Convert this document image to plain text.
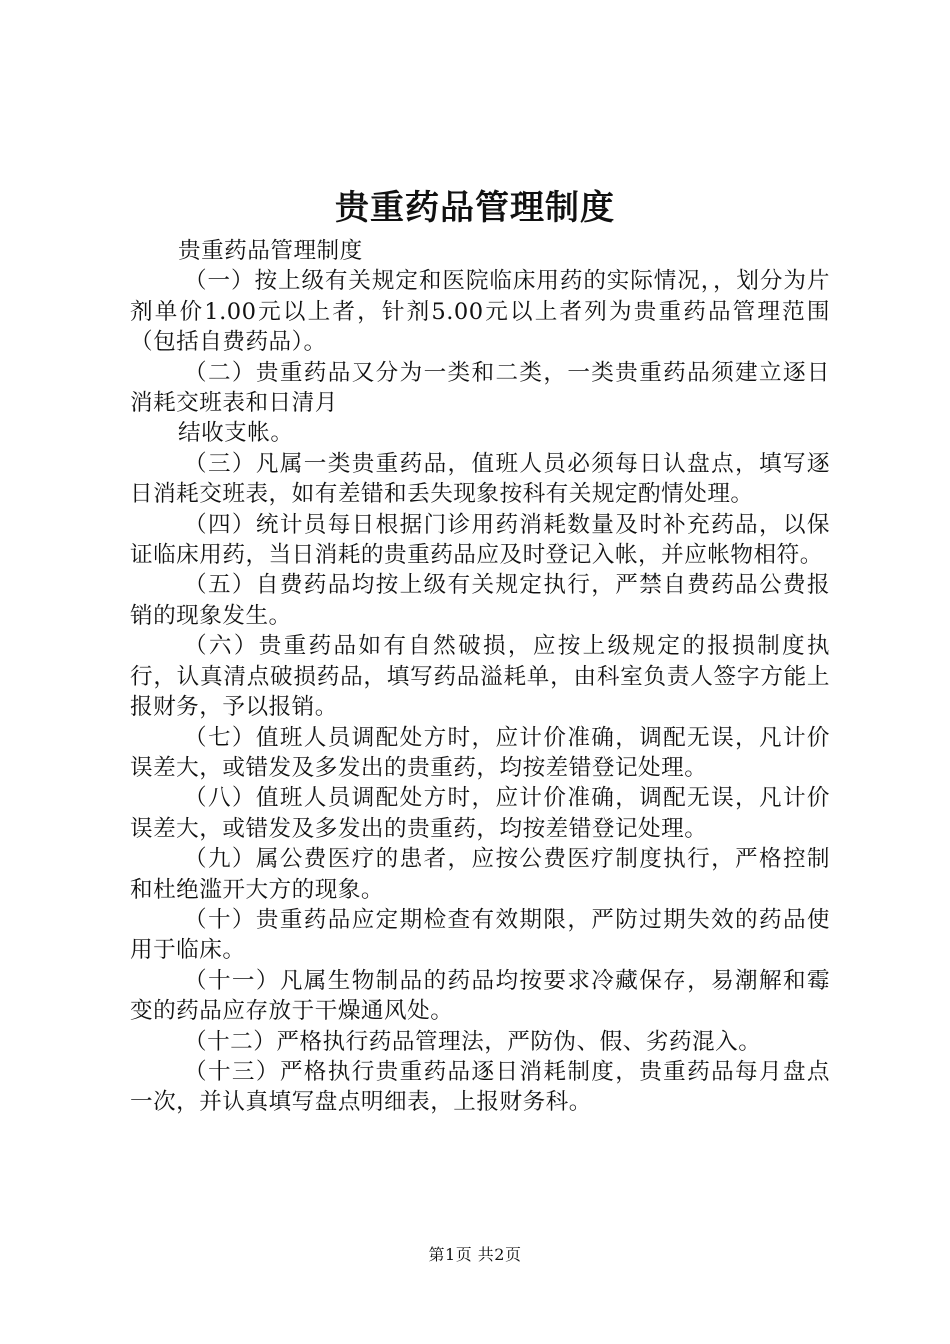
贵重药品管理制度

贵重药品管理制度

（一）按上级有关规定和医院临床用药的实际情况，，划分为片剂单价1.00元以上者，针剂5.00元以上者列为贵重药品管理范围（包括自费药品）。

（二）贵重药品又分为一类和二类，一类贵重药品须建立逐日消耗交班表和日清月

结收支帐。

（三）凡属一类贵重药品，值班人员必须每日认盘点，填写逐日消耗交班表，如有差错和丢失现象按科有关规定酌情处理。

（四）统计员每日根据门诊用药消耗数量及时补充药品，以保证临床用药，当日消耗的贵重药品应及时登记入帐，并应帐物相符。

（五）自费药品均按上级有关规定执行，严禁自费药品公费报销的现象发生。

（六）贵重药品如有自然破损，应按上级规定的报损制度执行，认真清点破损药品，填写药品溢耗单，由科室负责人签字方能上报财务，予以报销。

（七）值班人员调配处方时，应计价准确，调配无误，凡计价误差大，或错发及多发出的贵重药，均按差错登记处理。

（八）值班人员调配处方时，应计价准确，调配无误，凡计价误差大，或错发及多发出的贵重药，均按差错登记处理。

（九）属公费医疗的患者，应按公费医疗制度执行，严格控制和杜绝滥开大方的现象。

（十）贵重药品应定期检查有效期限，严防过期失效的药品使用于临床。

（十一）凡属生物制品的药品均按要求冷藏保存，易潮解和霉变的药品应存放于干燥通风处。

（十二）严格执行药品管理法，严防伪、假、劣药混入。

（十三）严格执行贵重药品逐日消耗制度，贵重药品每月盘点一次，并认真填写盘点明细表，上报财务科。

第1页 共2页
